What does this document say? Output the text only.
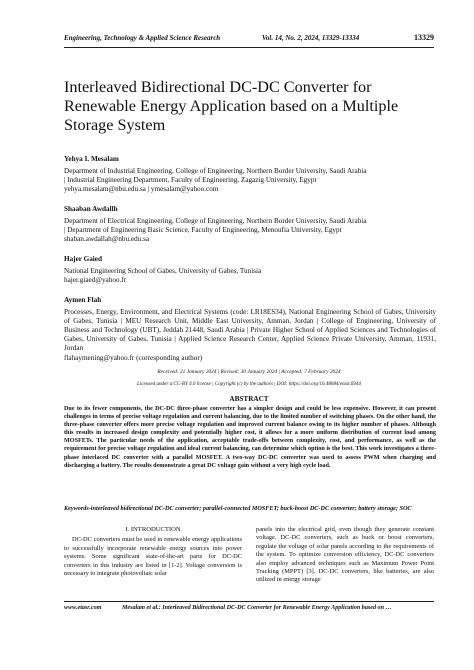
Engineering, Technology & Applied Science Research	Vol. 14, No. 2, 2024, 13329-13334	13329
Interleaved Bidirectional DC-DC Converter for Renewable Energy Application based on a Multiple Storage System
Yehya I. Mesalam
Department of Industrial Engineering, College of Engineering, Northern Border University, Saudi Arabia
| Industrial Engineering Department, Faculty of Engineering, Zagazig University, Egypt
yehya.mesalam@nbu.edu.sa | ymesalam@yahoo.com
Shaaban Awdallh
Department of Electrical Engineering, College of Engineering, Northern Border University, Saudi Arabia
| Department of Engineering Basic Science, Faculty of Engineering, Menoufia University, Egypt
shaban.awdallah@nbu.edu.sa
Hajer Gaied
National Engineering School of Gabes, University of Gabes, Tunisia
hajer.giaed@yahoo.fr
Aymen Flah
Processes, Energy, Environment, and Electrical Systems (code: LR18ES34), National Engineering School of Gabes, University of Gabes, Tunisia | MEU Research Unit, Middle East University, Amman, Jordan | College of Engineering, University of Business and Technology (UBT), Jeddah 21448, Saudi Arabia | Private Higher School of Applied Sciences and Technologies of Gabes, University of Gabes, Tunisia | Applied Science Research Center, Applied Science Private University, Amman, 11931, Jordan
flahaymening@yahoo.fr (corresponding author)
Received: 21 January 2024 | Revised: 30 January 2024 | Accepted: 7 February 2024
Licensed under a CC-BY 4.0 license | Copyright (c) by the authors | DOI: https://doi.org/10.48084/etasr.6944
ABSTRACT
Due to its fewer components, the DC-DC three-phase converter has a simpler design and could be less expensive. However, it can present challenges in terms of precise voltage regulation and current balancing, due to the limited number of switching phases. On the other hand, the three-phase converter offers more precise voltage regulation and improved current balance owing to its higher number of phases. Although this results in increased design complexity and potentially higher cost, it allows for a more uniform distribution of current load among MOSFETs. The particular needs of the application, acceptable trade-offs between complexity, cost, and performance, as well as the requirement for precise voltage regulation and ideal current balancing, can determine which option is the best. This work investigates a three-phase interlaced DC converter with a parallel MOSFET. A two-way DC-DC converter was used to assess PWM when charging and discharging a battery. The results demonstrate a great DC voltage gain without a very high cycle load.
Keywords-interleaved bidirectional DC-DC converter; parallel-connected MOSFET; buck-boost DC-DC converter; battery storage; SOC
I. INTRODUCTION

DC-DC converters must be used in renewable energy applications to successfully incorporate renewable energy sources into power systems. Some significant state-of-the-art parts for DC-DC converters in this industry are listed in [1-2]. Voltage conversion is necessary to integrate photovoltaic solar

panels into the electrical grid, even though they generate constant voltage. DC-DC converters, such as buck or boost converters, regulate the voltage of solar panels according to the requirements of the system. To optimize conversion efficiency, DC-DC converters also employ advanced techniques such as Maximum Power Point Tracking (MPPT) [3]. DC-DC converters, like batteries, are also utilized in energy storage

www.etasr.com	Mesalam et al.: Interleaved Bidirectional DC-DC Converter for Renewable Energy Application based on …
